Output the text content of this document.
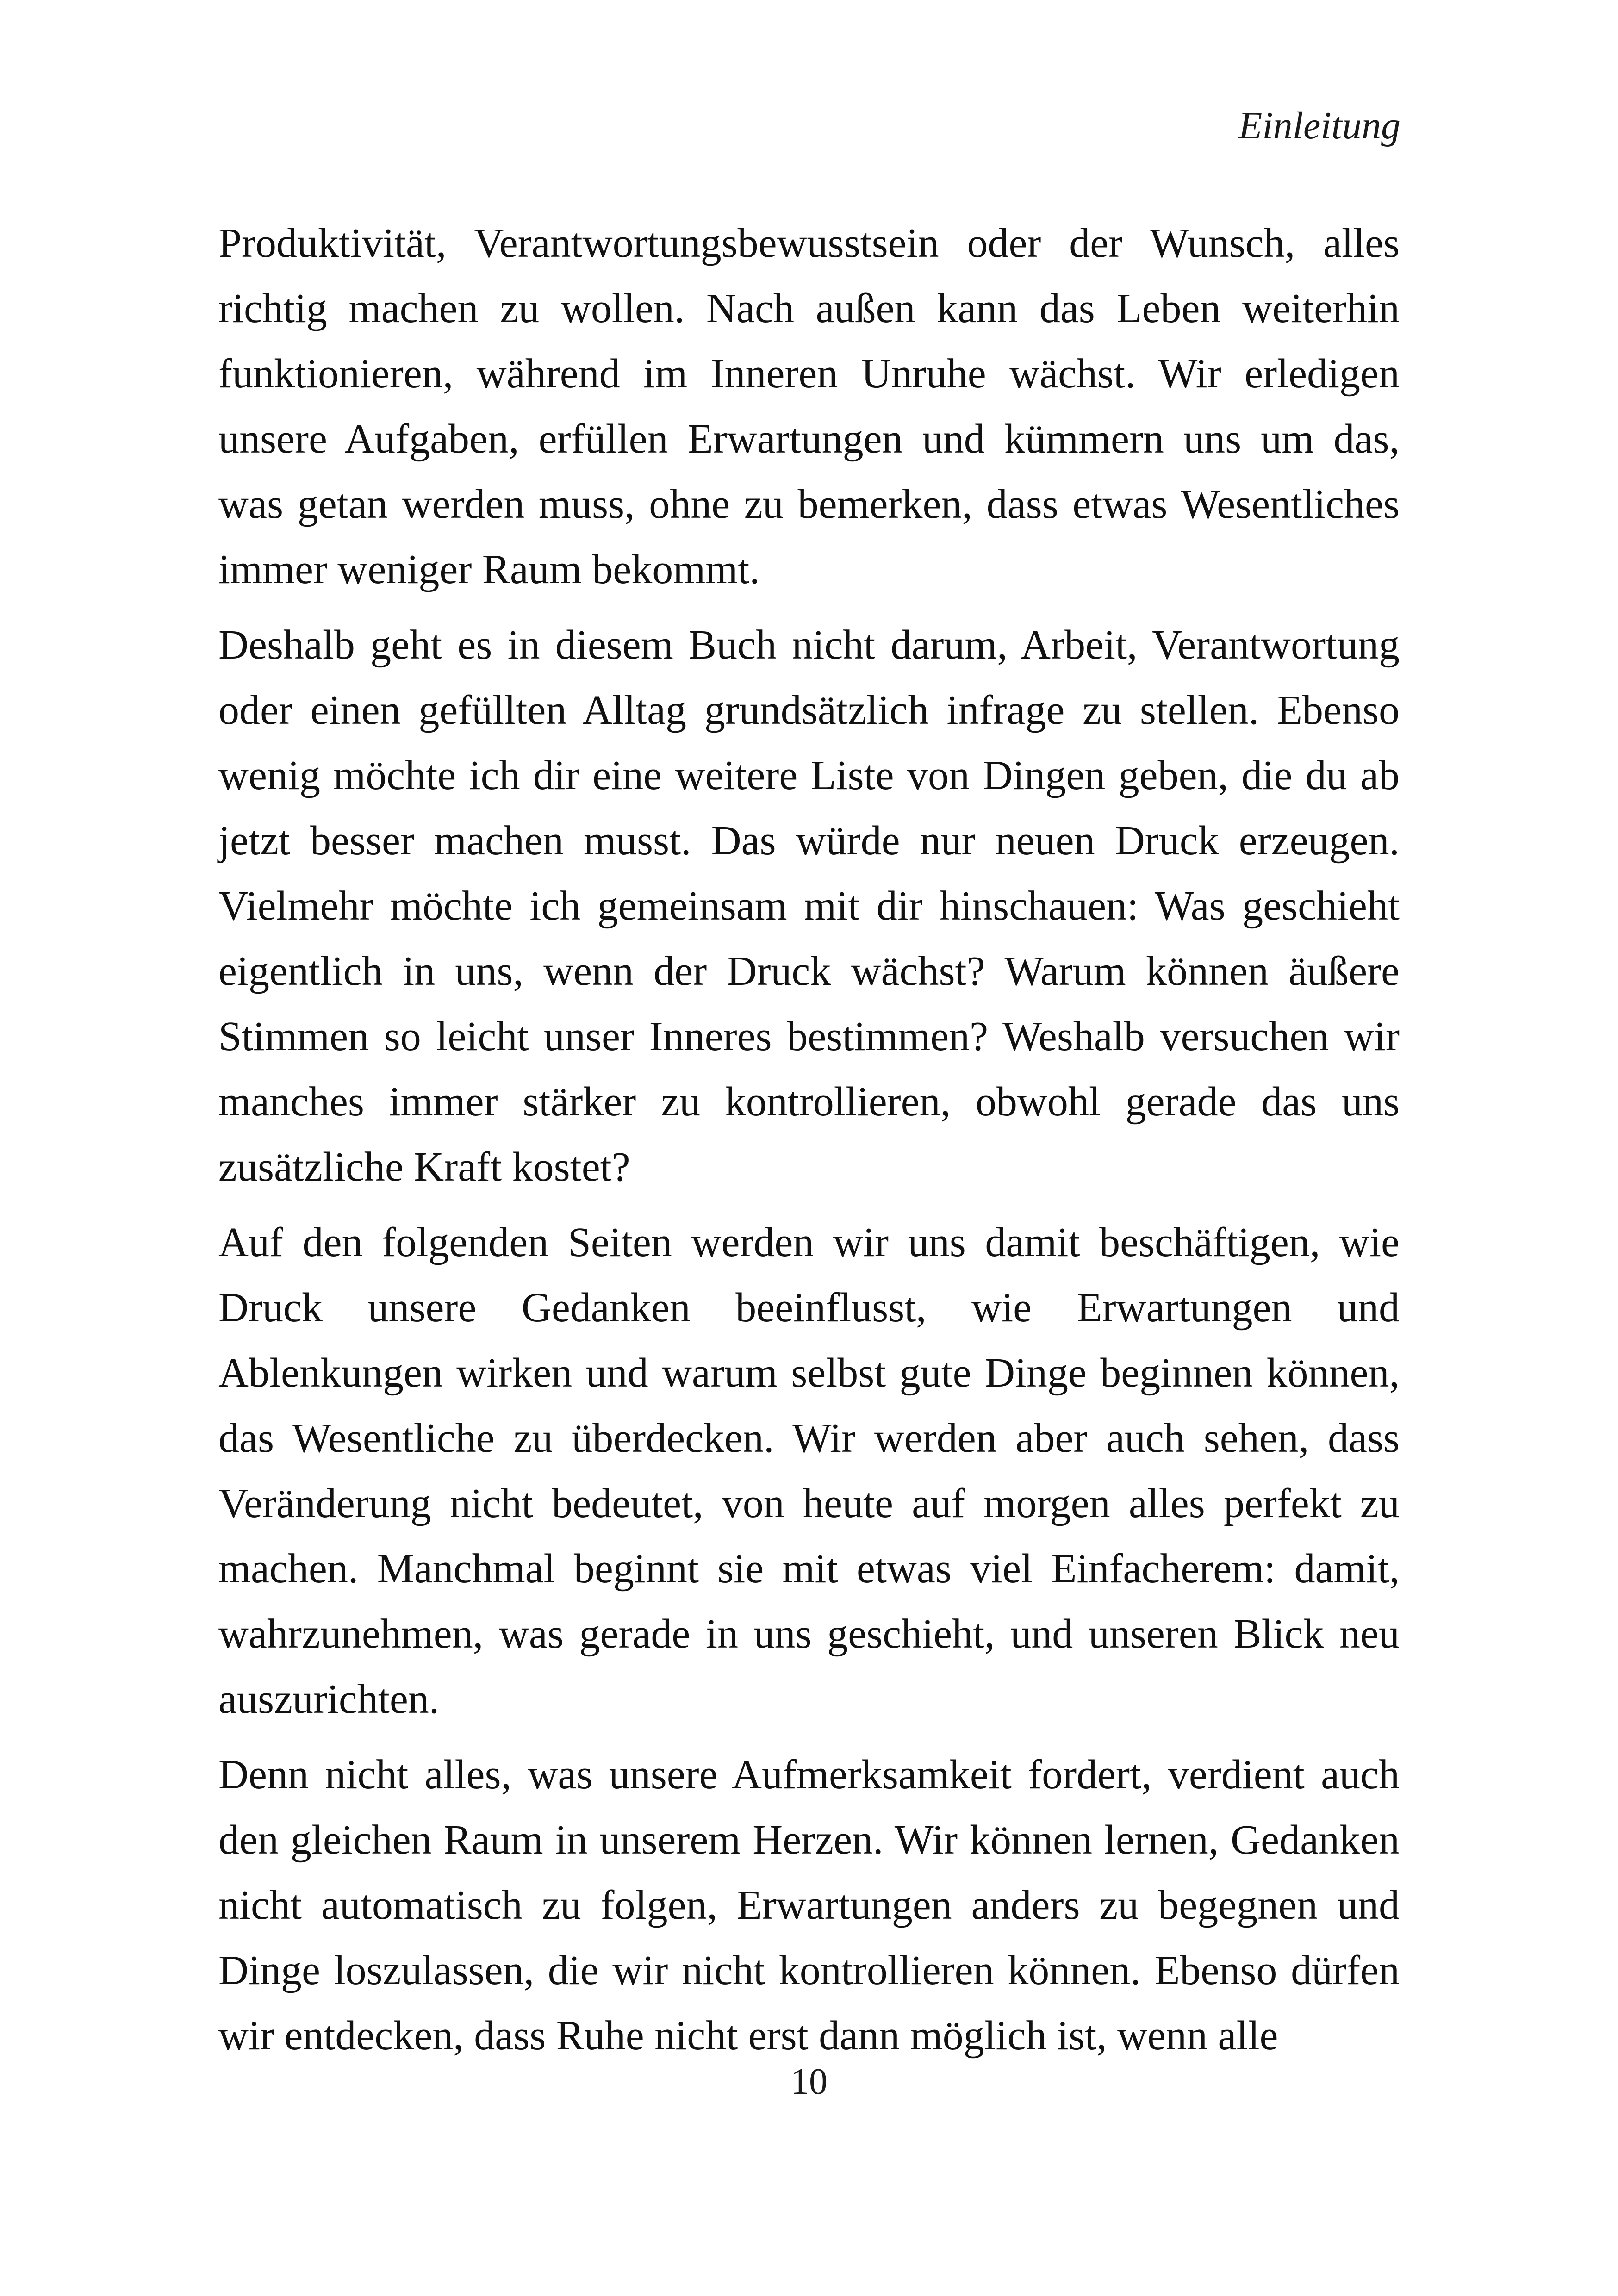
Einleitung

Produktivität, Verantwortungsbewusstsein oder der Wunsch, alles richtig machen zu wollen. Nach außen kann das Leben weiterhin funktionieren, während im Inneren Unruhe wächst. Wir erledigen unsere Aufgaben, erfüllen Erwartungen und kümmern uns um das, was getan werden muss, ohne zu bemerken, dass etwas Wesentliches immer weniger Raum bekommt.

Deshalb geht es in diesem Buch nicht darum, Arbeit, Verantwortung oder einen gefüllten Alltag grundsätzlich infrage zu stellen. Ebenso wenig möchte ich dir eine weitere Liste von Dingen geben, die du ab jetzt besser machen musst. Das würde nur neuen Druck erzeugen. Vielmehr möchte ich gemeinsam mit dir hinschauen: Was geschieht eigentlich in uns, wenn der Druck wächst? Warum können äußere Stimmen so leicht unser Inneres bestimmen? Weshalb versuchen wir manches immer stärker zu kontrollieren, obwohl gerade das uns zusätzliche Kraft kostet?

Auf den folgenden Seiten werden wir uns damit beschäftigen, wie Druck unsere Gedanken beeinflusst, wie Erwartungen und Ablenkungen wirken und warum selbst gute Dinge beginnen können, das Wesentliche zu überdecken. Wir werden aber auch sehen, dass Veränderung nicht bedeutet, von heute auf morgen alles perfekt zu machen. Manchmal beginnt sie mit etwas viel Einfacherem: damit, wahrzunehmen, was gerade in uns geschieht, und unseren Blick neu auszurichten.

Denn nicht alles, was unsere Aufmerksamkeit fordert, verdient auch den gleichen Raum in unserem Herzen. Wir können lernen, Gedanken nicht automatisch zu folgen, Erwartungen anders zu begegnen und Dinge loszulassen, die wir nicht kontrollieren können. Ebenso dürfen wir entdecken, dass Ruhe nicht erst dann möglich ist, wenn alle

10
